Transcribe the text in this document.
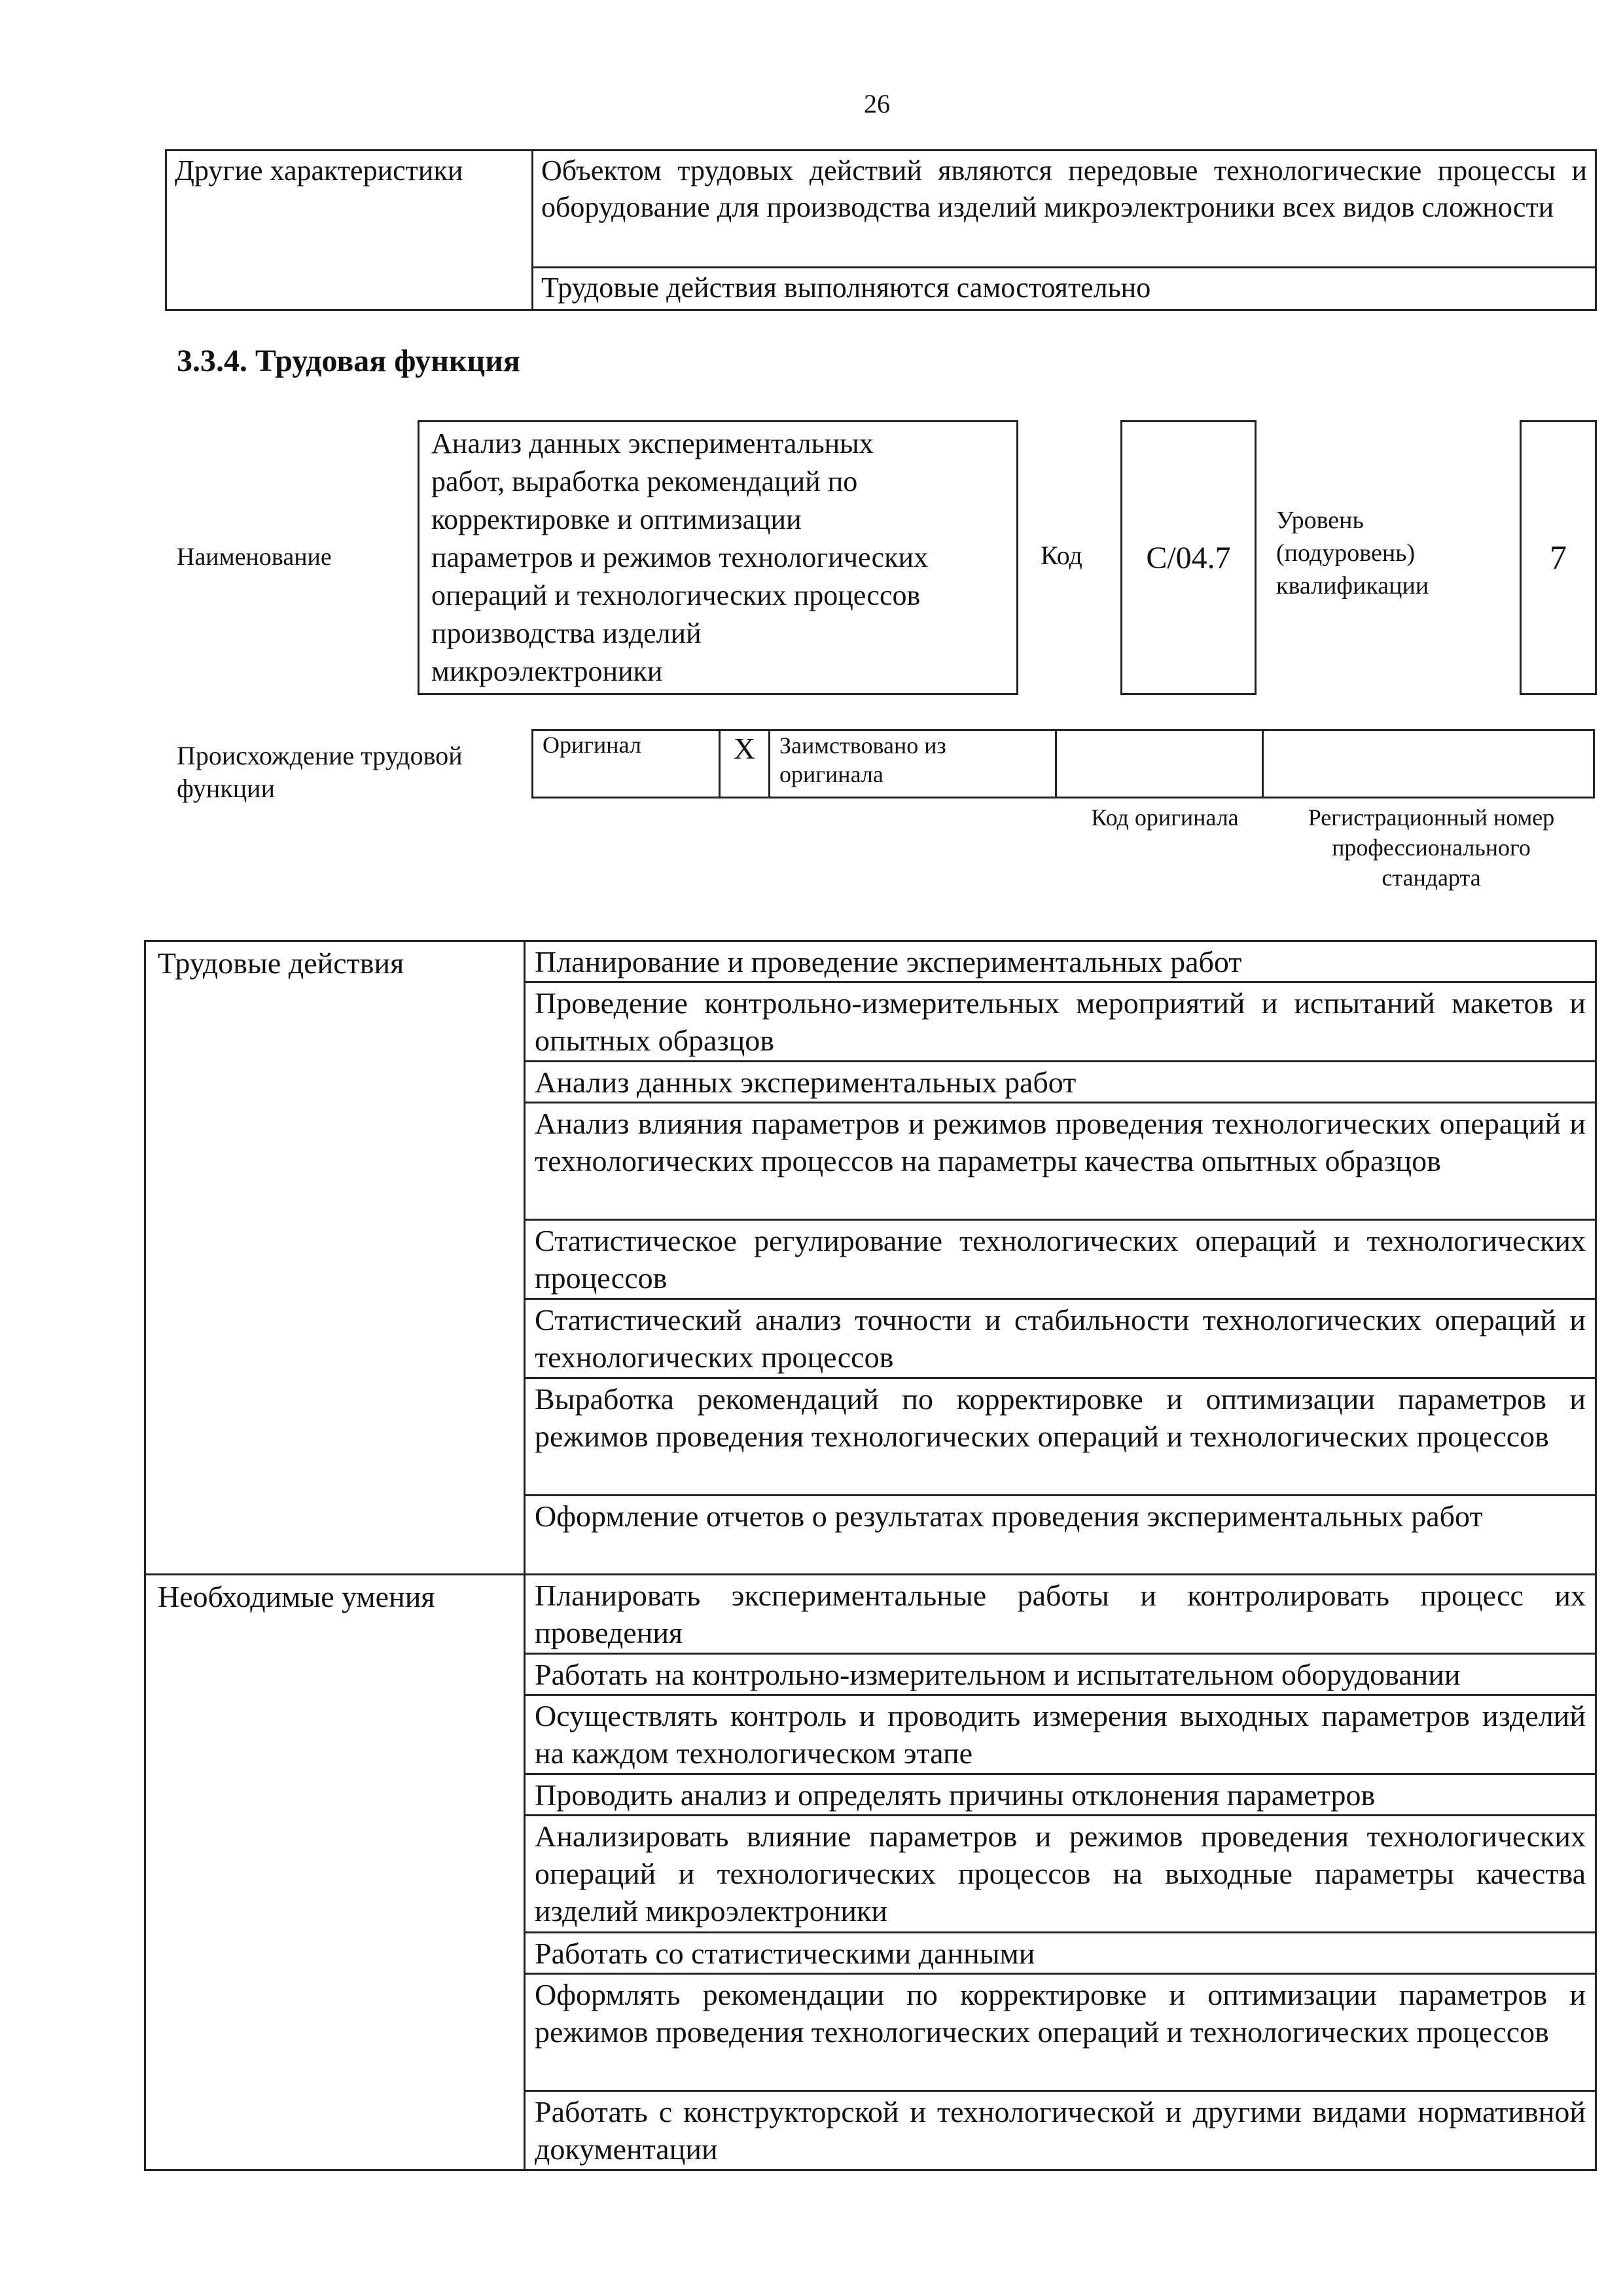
26
Другие характеристики	Объектом трудовых действий являются передовые технологические процессы и оборудование для производства изделий микроэлектроники всех видов сложности
Трудовые действия выполняются самостоятельно
3.3.4. Трудовая функция
Наименование
Анализ данных экспериментальных
работ, выработка рекомендаций по
корректировке и оптимизации
параметров и режимов технологических
операций и технологических процессов
производства изделий
микроэлектроники
Код	C/04.7
Уровень
(подуровень)
квалификации
7
Происхождение трудовой
функции
Оригинал	X	Заимствовано из
оригинала

Код оригинала	Регистрационный номер
профессионального
стандарта
Трудовые действия	Планирование и проведение экспериментальных работ
	Проведение контрольно-измерительных мероприятий и испытаний макетов и опытных образцов
	Анализ данных экспериментальных работ
	Анализ влияния параметров и режимов проведения технологических операций и технологических процессов на параметры качества опытных образцов
	Статистическое регулирование технологических операций и технологических процессов
	Статистический анализ точности и стабильности технологических операций и технологических процессов
	Выработка рекомендаций по корректировке и оптимизации параметров и режимов проведения технологических операций и технологических процессов
	Оформление отчетов о результатах проведения экспериментальных работ
Необходимые умения	Планировать экспериментальные работы и контролировать процесс их проведения
	Работать на контрольно-измерительном и испытательном оборудовании
	Осуществлять контроль и проводить измерения выходных параметров изделий на каждом технологическом этапе
	Проводить анализ и определять причины отклонения параметров
	Анализировать влияние параметров и режимов проведения технологических операций и технологических процессов на выходные параметры качества изделий микроэлектроники
	Работать со статистическими данными
	Оформлять рекомендации по корректировке и оптимизации параметров и режимов проведения технологических операций и технологических процессов
	Работать с конструкторской и технологической и другими видами нормативной документации
